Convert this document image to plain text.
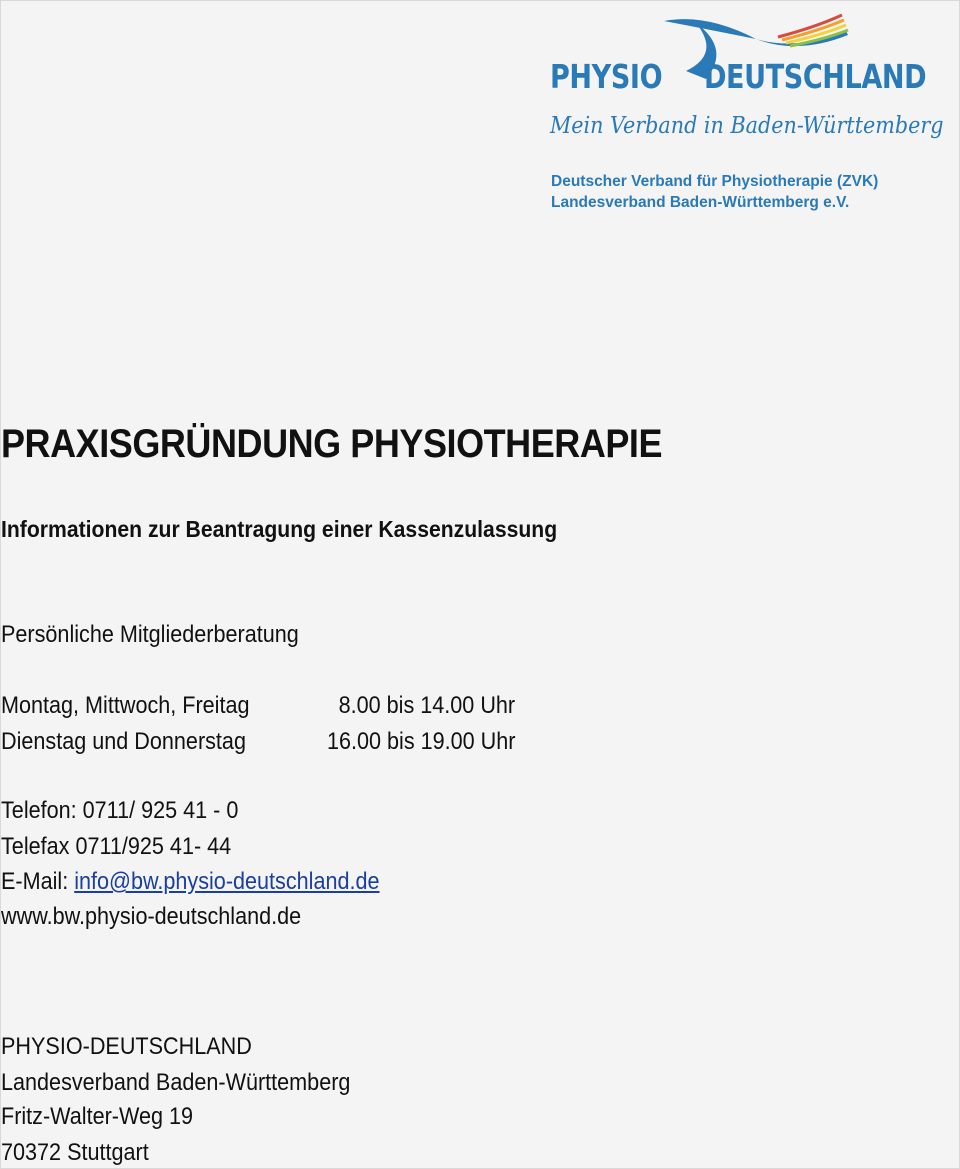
PHYSIO DEUTSCHLAND
Mein Verband in Baden-Württemberg
Deutscher Verband für Physiotherapie (ZVK)
Landesverband Baden-Württemberg e.V.
PRAXISGRÜNDUNG PHYSIOTHERAPIE
Informationen zur Beantragung einer Kassenzulassung
Persönliche Mitgliederberatung
Montag, Mittwoch, Freitag	8.00 bis 14.00 Uhr
Dienstag und Donnerstag	16.00 bis 19.00 Uhr
Telefon: 0711/ 925 41 - 0
Telefax 0711/925 41- 44
E-Mail: info@bw.physio-deutschland.de
www.bw.physio-deutschland.de
PHYSIO-DEUTSCHLAND
Landesverband Baden-Württemberg
Fritz-Walter-Weg 19
70372 Stuttgart
